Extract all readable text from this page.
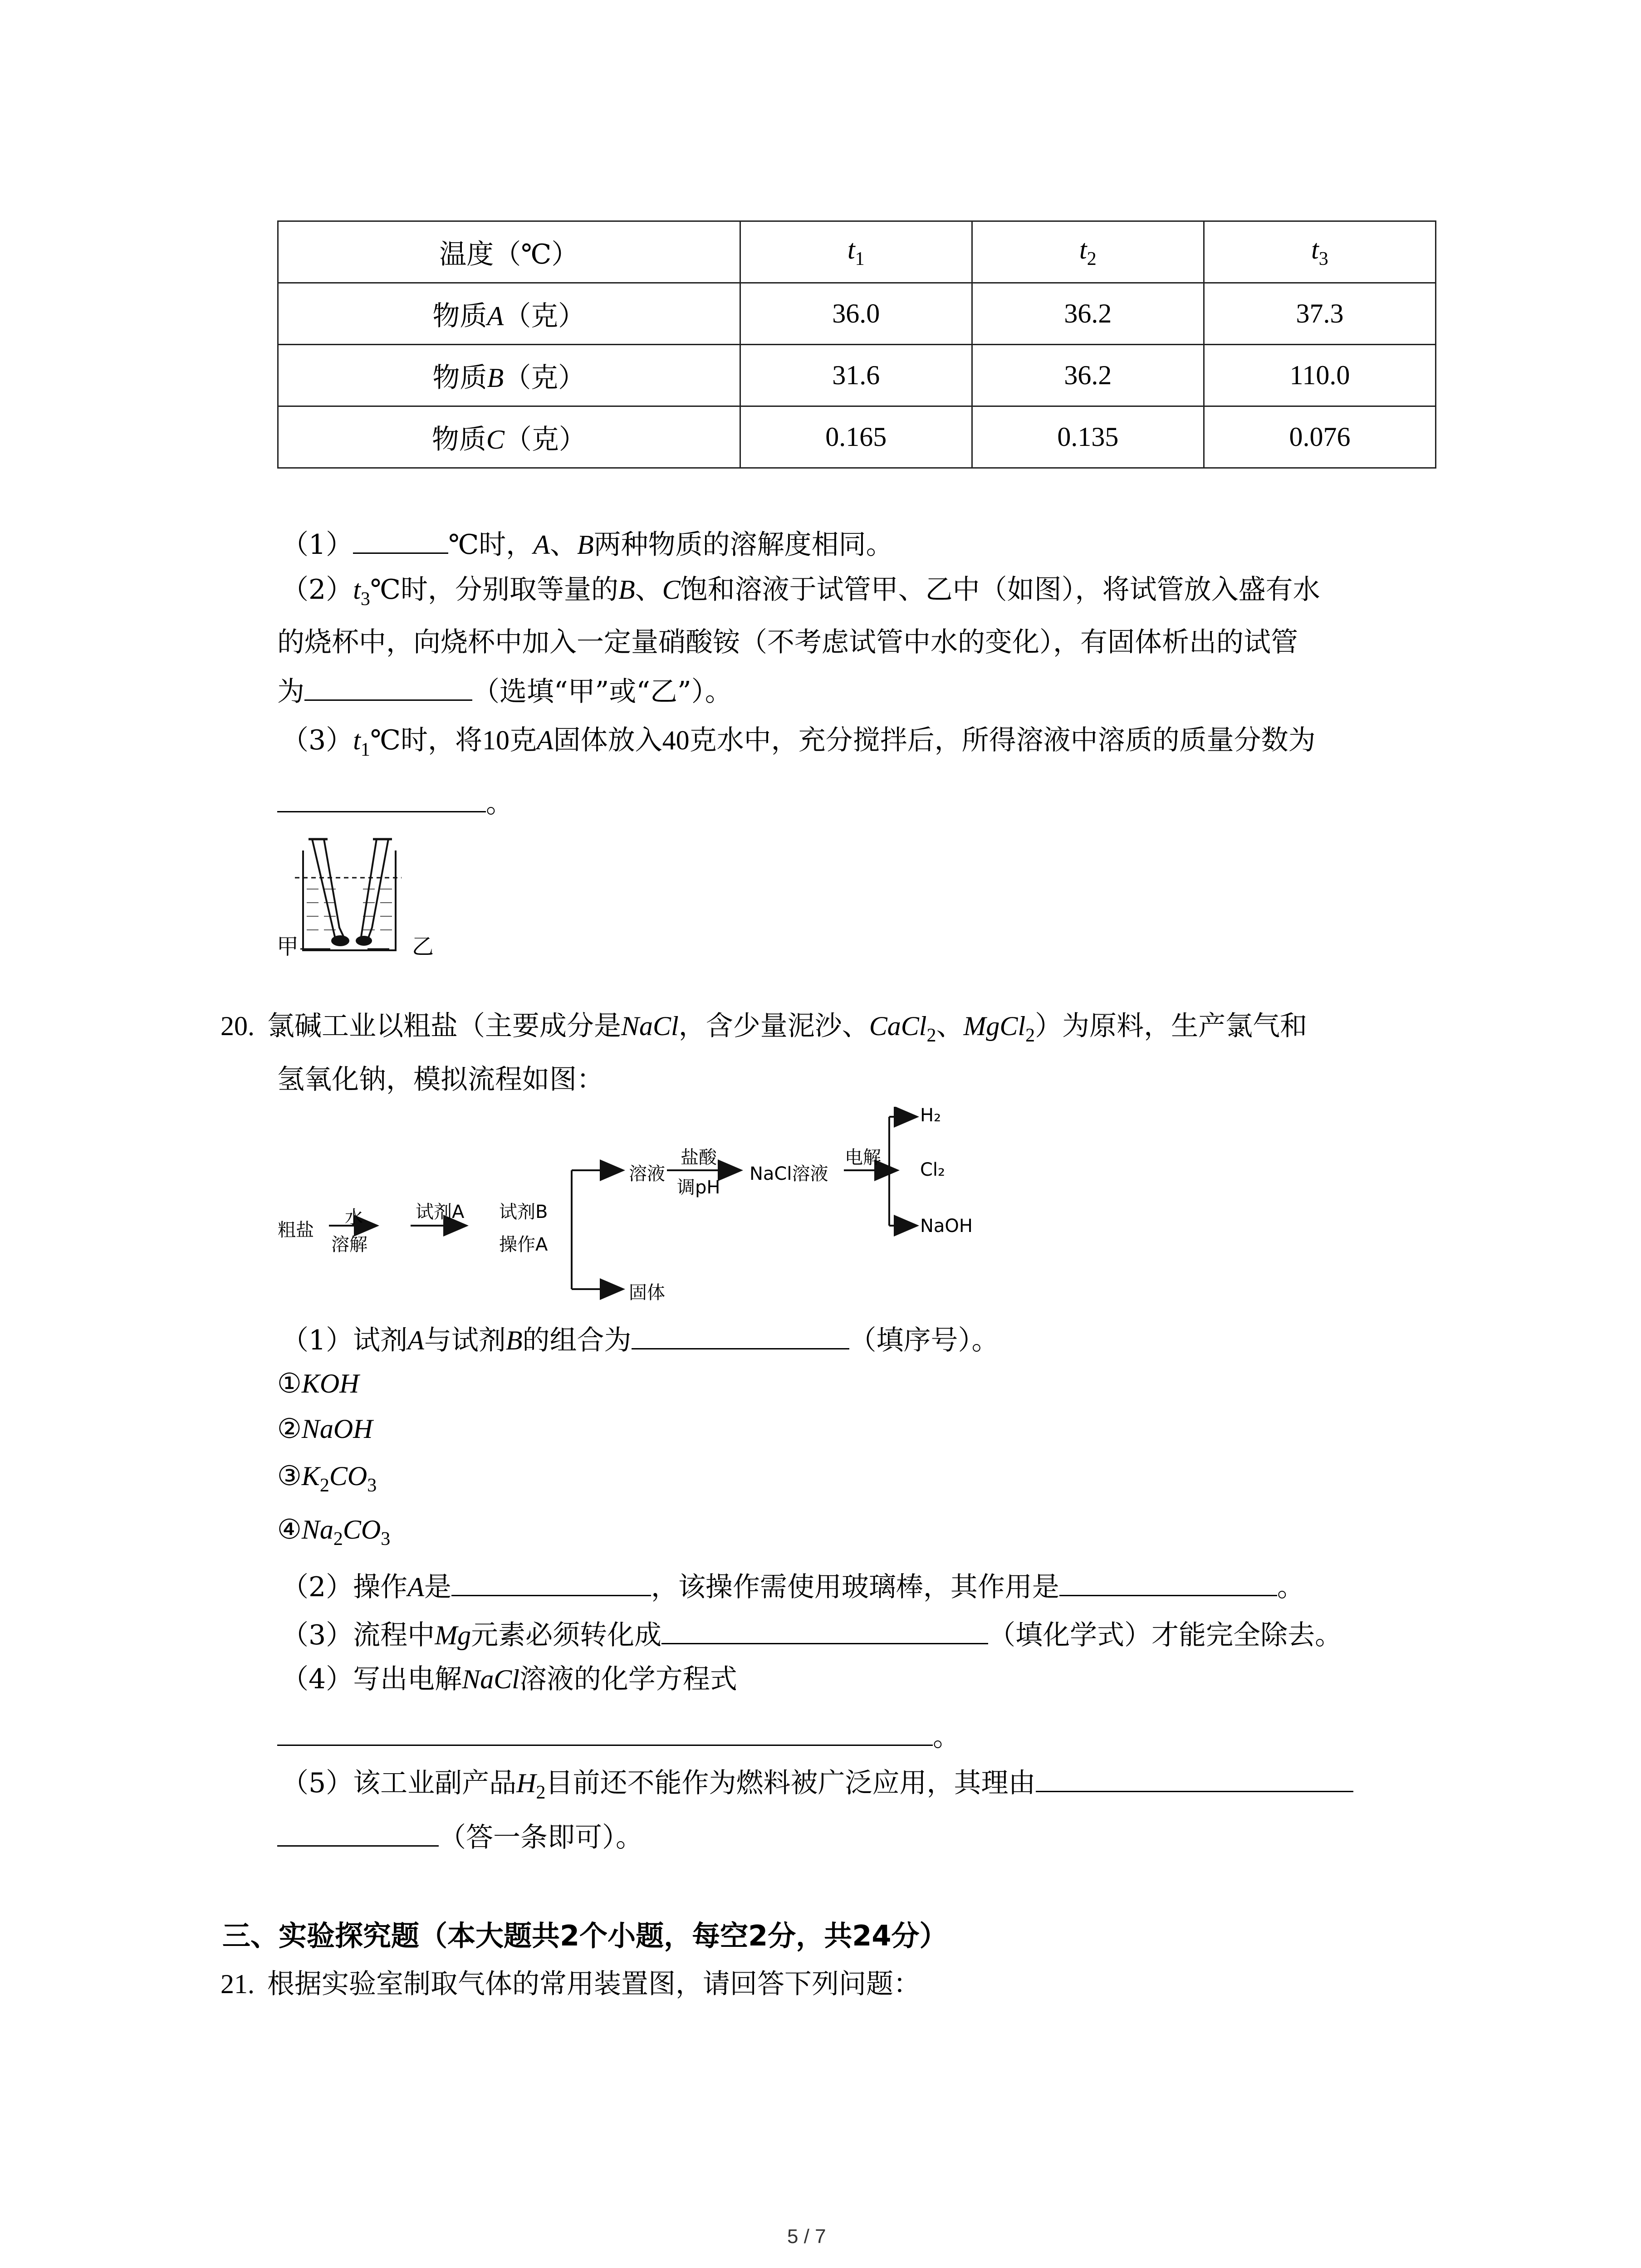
温度（℃）	$t_1$	$t_2$	$t_3$
物质A（克）	36.0	36.2	37.3
物质B（克）	31.6	36.2	110.0
物质C（克）	0.165	0.135	0.076
（1）	℃时，A、B两种物质的溶解度相同。
$(2)t_3℃$时，分别取等量的B、C饱和溶液于试管甲、乙中（如图），将试管放入盛有水
的烧杯中，向烧杯中加入一定量硝酸铵（不考虑试管中水的变化），有固体析出的试管
为	（选填“甲”或“乙”）。
$(3)t_1℃$时，将10克A固体放入40克水中，充分搅拌后，所得溶液中溶质的质量分数为
。
甲	乙
20. 氯碱工业以粗盐（主要成分是NaCl，含少量泥沙、CaCl$_2$、MgCl$_2$）为原料，生产氯气和
氢氧化钠，模拟流程如图：
粗盐
水
溶解
试剂A 试剂B
操作A
溶液
盐酸
调pH
NaCl溶液
电解
H₂
Cl₂
NaOH
固体
（1）试剂A与试剂B的组合为	（填序号）。
①KOH
②NaOH
$③K_2CO_3$
$④Na_2CO_3$
（2）操作A是	，该操作需使用玻璃棒，其作用是	。
（3）流程中Mg元素必须转化成	（填化学式）才能完全除去。
（4）写出电解NaCl溶液的化学方程式
。
（5）该工业副产品$H_2$目前还不能作为燃料被广泛应用，其理由
（答一条即可）。
三、实验探究题（本大题共2个小题，每空2分，共24分）
21. 根据实验室制取气体的常用装置图，请回答下列问题：
5 / 7
